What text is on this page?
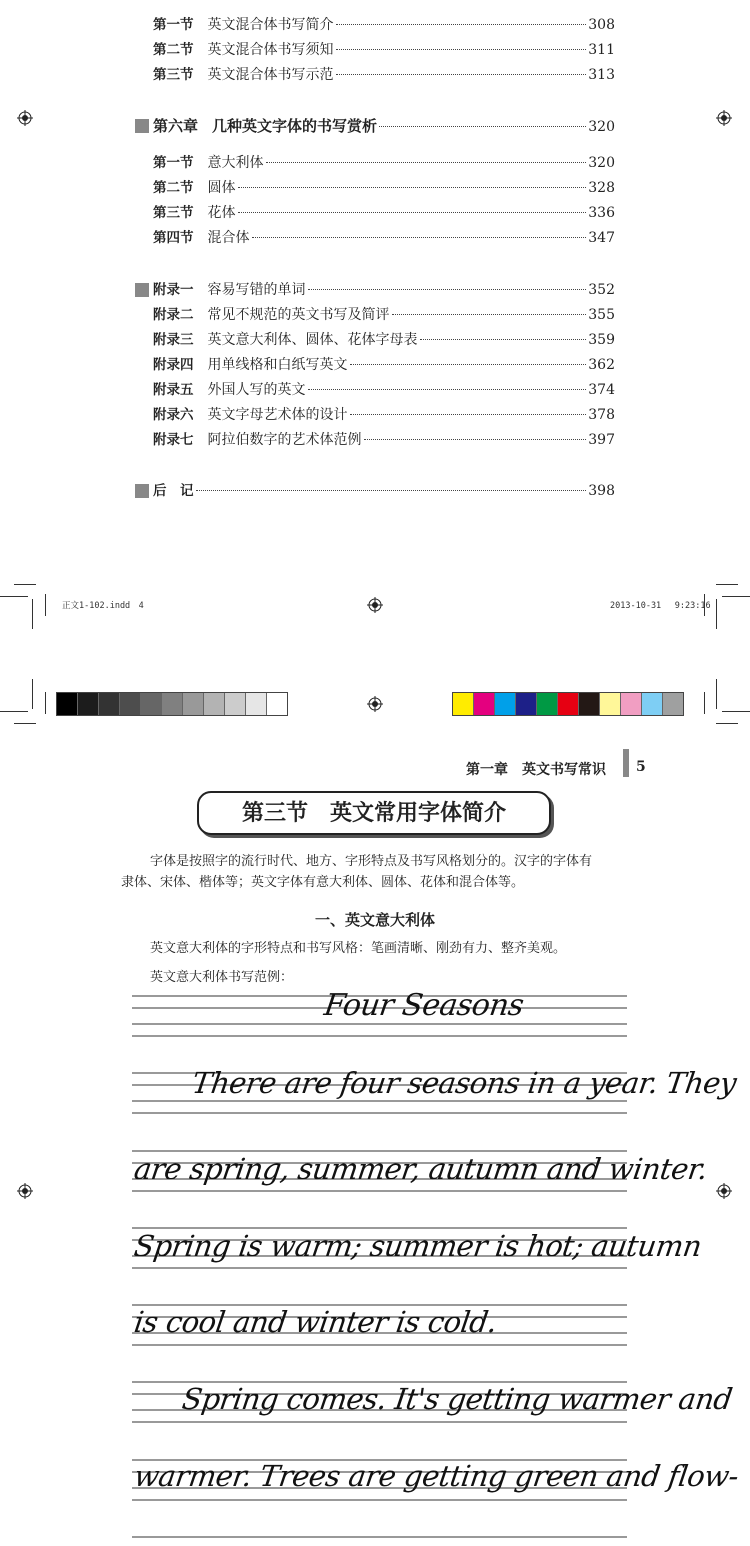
第一节 英文混合体书写简介	308
第二节 英文混合体书写须知	311
第三节 英文混合体书写示范	313
第六章 几种英文字体的书写赏析	320
第一节 意大利体	320
第二节 圆体	328
第三节 花体	336
第四节 混合体	347
附录一 容易写错的单词	352
附录二 常见不规范的英文书写及简评	355
附录三 英文意大利体、圆体、花体字母表	359
附录四 用单线格和白纸写英文	362
附录五 外国人写的英文	374
附录六 英文字母艺术体的设计	378
附录七 阿拉伯数字的艺术体范例	397
后　记	398
正文1-102.indd　4	2013-10-31　 9:23:16
第一章　英文书写常识 5
第三节　英文常用字体简介
字体是按照字的流行时代、地方、字形特点及书写风格划分的。汉字的字体有
隶体、宋体、楷体等；英文字体有意大利体、圆体、花体和混合体等。
一、英文意大利体
英文意大利体的字形特点和书写风格：笔画清晰、刚劲有力、整齐美观。
英文意大利体书写范例：
Four Seasons
There are four seasons in a year. They
are spring, summer, autumn and winter.
Spring is warm; summer is hot; autumn
is cool and winter is cold.
Spring comes. It's getting warmer and
warmer. Trees are getting green and flow-
